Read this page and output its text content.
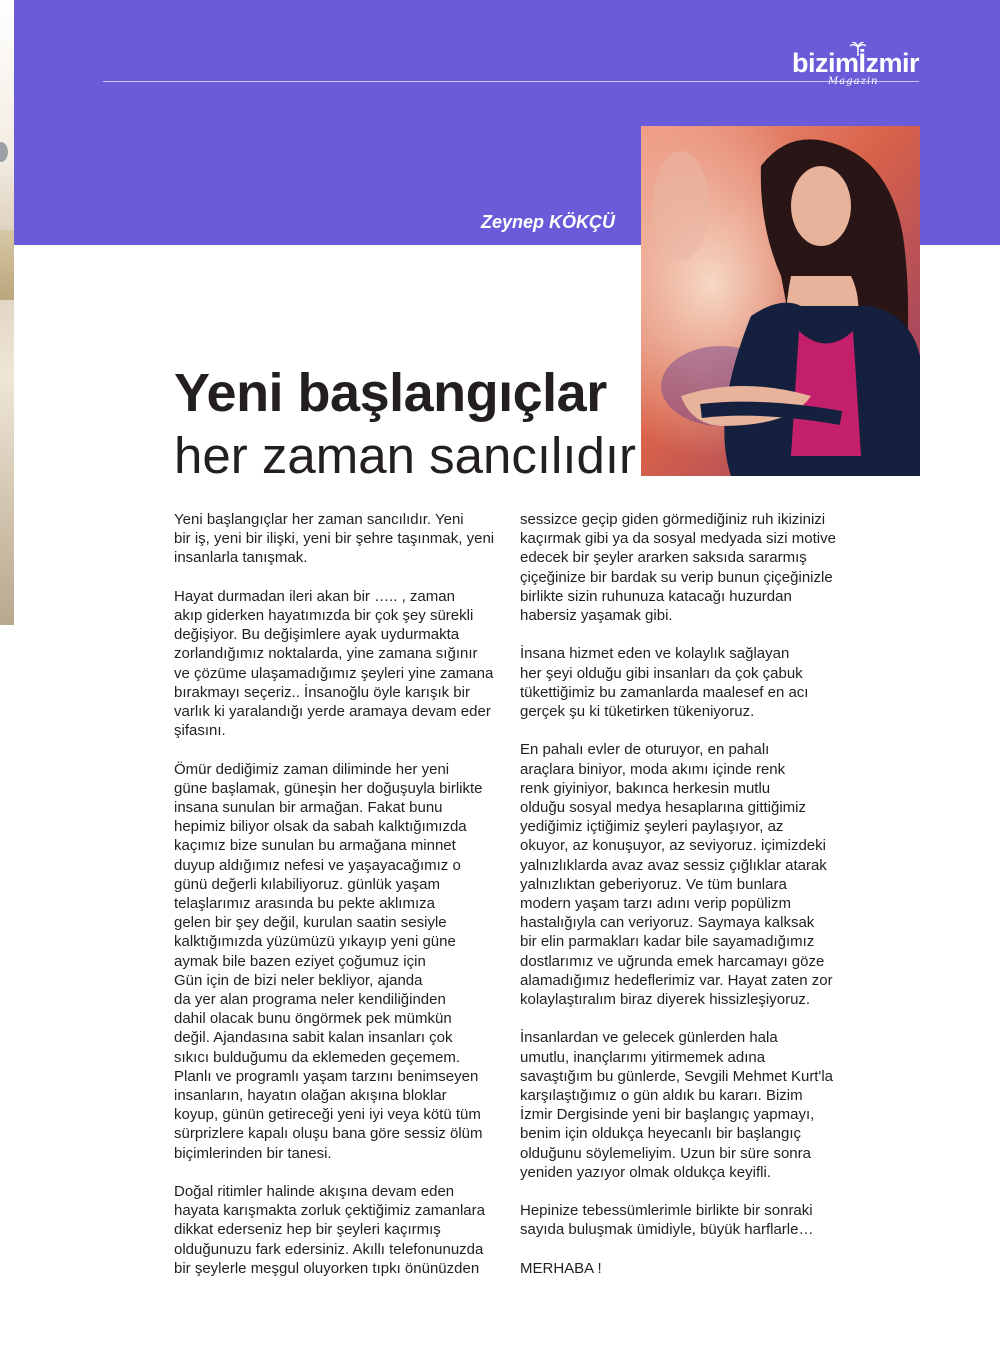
bizimİzmir
Magazin
Zeynep KÖKÇÜ
Yeni başlangıçlar
her zaman sancılıdır

Yeni başlangıçlar her zaman sancılıdır. Yeni
bir iş, yeni bir ilişki, yeni bir şehre taşınmak, yeni
insanlarla tanışmak.

Hayat durmadan ileri akan bir ….. , zaman
akıp giderken hayatımızda bir çok şey sürekli
değişiyor. Bu değişimlere ayak uydurmakta
zorlandığımız noktalarda, yine zamana sığınır
ve çözüme ulaşamadığımız şeyleri yine zamana
bırakmayı seçeriz.. İnsanoğlu öyle karışık bir
varlık ki yaralandığı yerde aramaya devam eder
şifasını.

Ömür dediğimiz zaman diliminde her yeni
güne başlamak, güneşin her doğuşuyla birlikte
insana sunulan bir armağan. Fakat bunu
hepimiz biliyor olsak da sabah kalktığımızda
kaçımız bize sunulan bu armağana minnet
duyup aldığımız nefesi ve yaşayacağımız o
günü değerli kılabiliyoruz. günlük yaşam
telaşlarımız arasında bu pekte aklımıza
gelen bir şey değil, kurulan saatin sesiyle
kalktığımızda yüzümüzü yıkayıp yeni güne
aymak bile bazen eziyet çoğumuz için
Gün için de bizi neler bekliyor, ajanda
da yer alan programa neler kendiliğinden
dahil olacak bunu öngörmek pek mümkün
değil. Ajandasına sabit kalan insanları çok
sıkıcı bulduğumu da eklemeden geçemem.
Planlı ve programlı yaşam tarzını benimseyen
insanların, hayatın olağan akışına bloklar
koyup, günün getireceği yeni iyi veya kötü tüm
sürprizlere kapalı oluşu bana göre sessiz ölüm
biçimlerinden bir tanesi.

Doğal ritimler halinde akışına devam eden
hayata karışmakta zorluk çektiğimiz zamanlara
dikkat ederseniz hep bir şeyleri kaçırmış
olduğunuzu fark edersiniz. Akıllı telefonunuzda
bir şeylerle meşgul oluyorken tıpkı önünüzden

sessizce geçip giden görmediğiniz ruh ikizinizi
kaçırmak gibi ya da sosyal medyada sizi motive
edecek bir şeyler ararken saksıda sararmış
çiçeğinize bir bardak su verip bunun çiçeğinizle
birlikte sizin ruhunuza katacağı huzurdan
habersiz yaşamak gibi.

İnsana hizmet eden ve kolaylık sağlayan
her şeyi olduğu gibi insanları da çok çabuk
tükettiğimiz bu zamanlarda maalesef en acı
gerçek şu ki tüketirken tükeniyoruz.

En pahalı evler de oturuyor, en pahalı
araçlara biniyor, moda akımı içinde renk
renk giyiniyor, bakınca herkesin mutlu
olduğu sosyal medya hesaplarına gittiğimiz
yediğimiz içtiğimiz şeyleri paylaşıyor, az
okuyor, az konuşuyor, az seviyoruz. içimizdeki
yalnızlıklarda avaz avaz sessiz çığlıklar atarak
yalnızlıktan geberiyoruz. Ve tüm bunlara
modern yaşam tarzı adını verip popülizm
hastalığıyla can veriyoruz. Saymaya kalksak
bir elin parmakları kadar bile sayamadığımız
dostlarımız ve uğrunda emek harcamayı göze
alamadığımız hedeflerimiz var. Hayat zaten zor
kolaylaştıralım biraz diyerek hissizleşiyoruz.

İnsanlardan ve gelecek günlerden hala
umutlu, inançlarımı yitirmemek adına
savaştığım bu günlerde, Sevgili Mehmet Kurt'la
karşılaştığımız o gün aldık bu kararı. Bizim
İzmir Dergisinde yeni bir başlangıç yapmayı,
benim için oldukça heyecanlı bir başlangıç
olduğunu söylemeliyim. Uzun bir süre sonra
yeniden yazıyor olmak oldukça keyifli.

Hepinize tebessümlerimle birlikte bir sonraki
sayıda buluşmak ümidiyle, büyük harflarle…

MERHABA !
